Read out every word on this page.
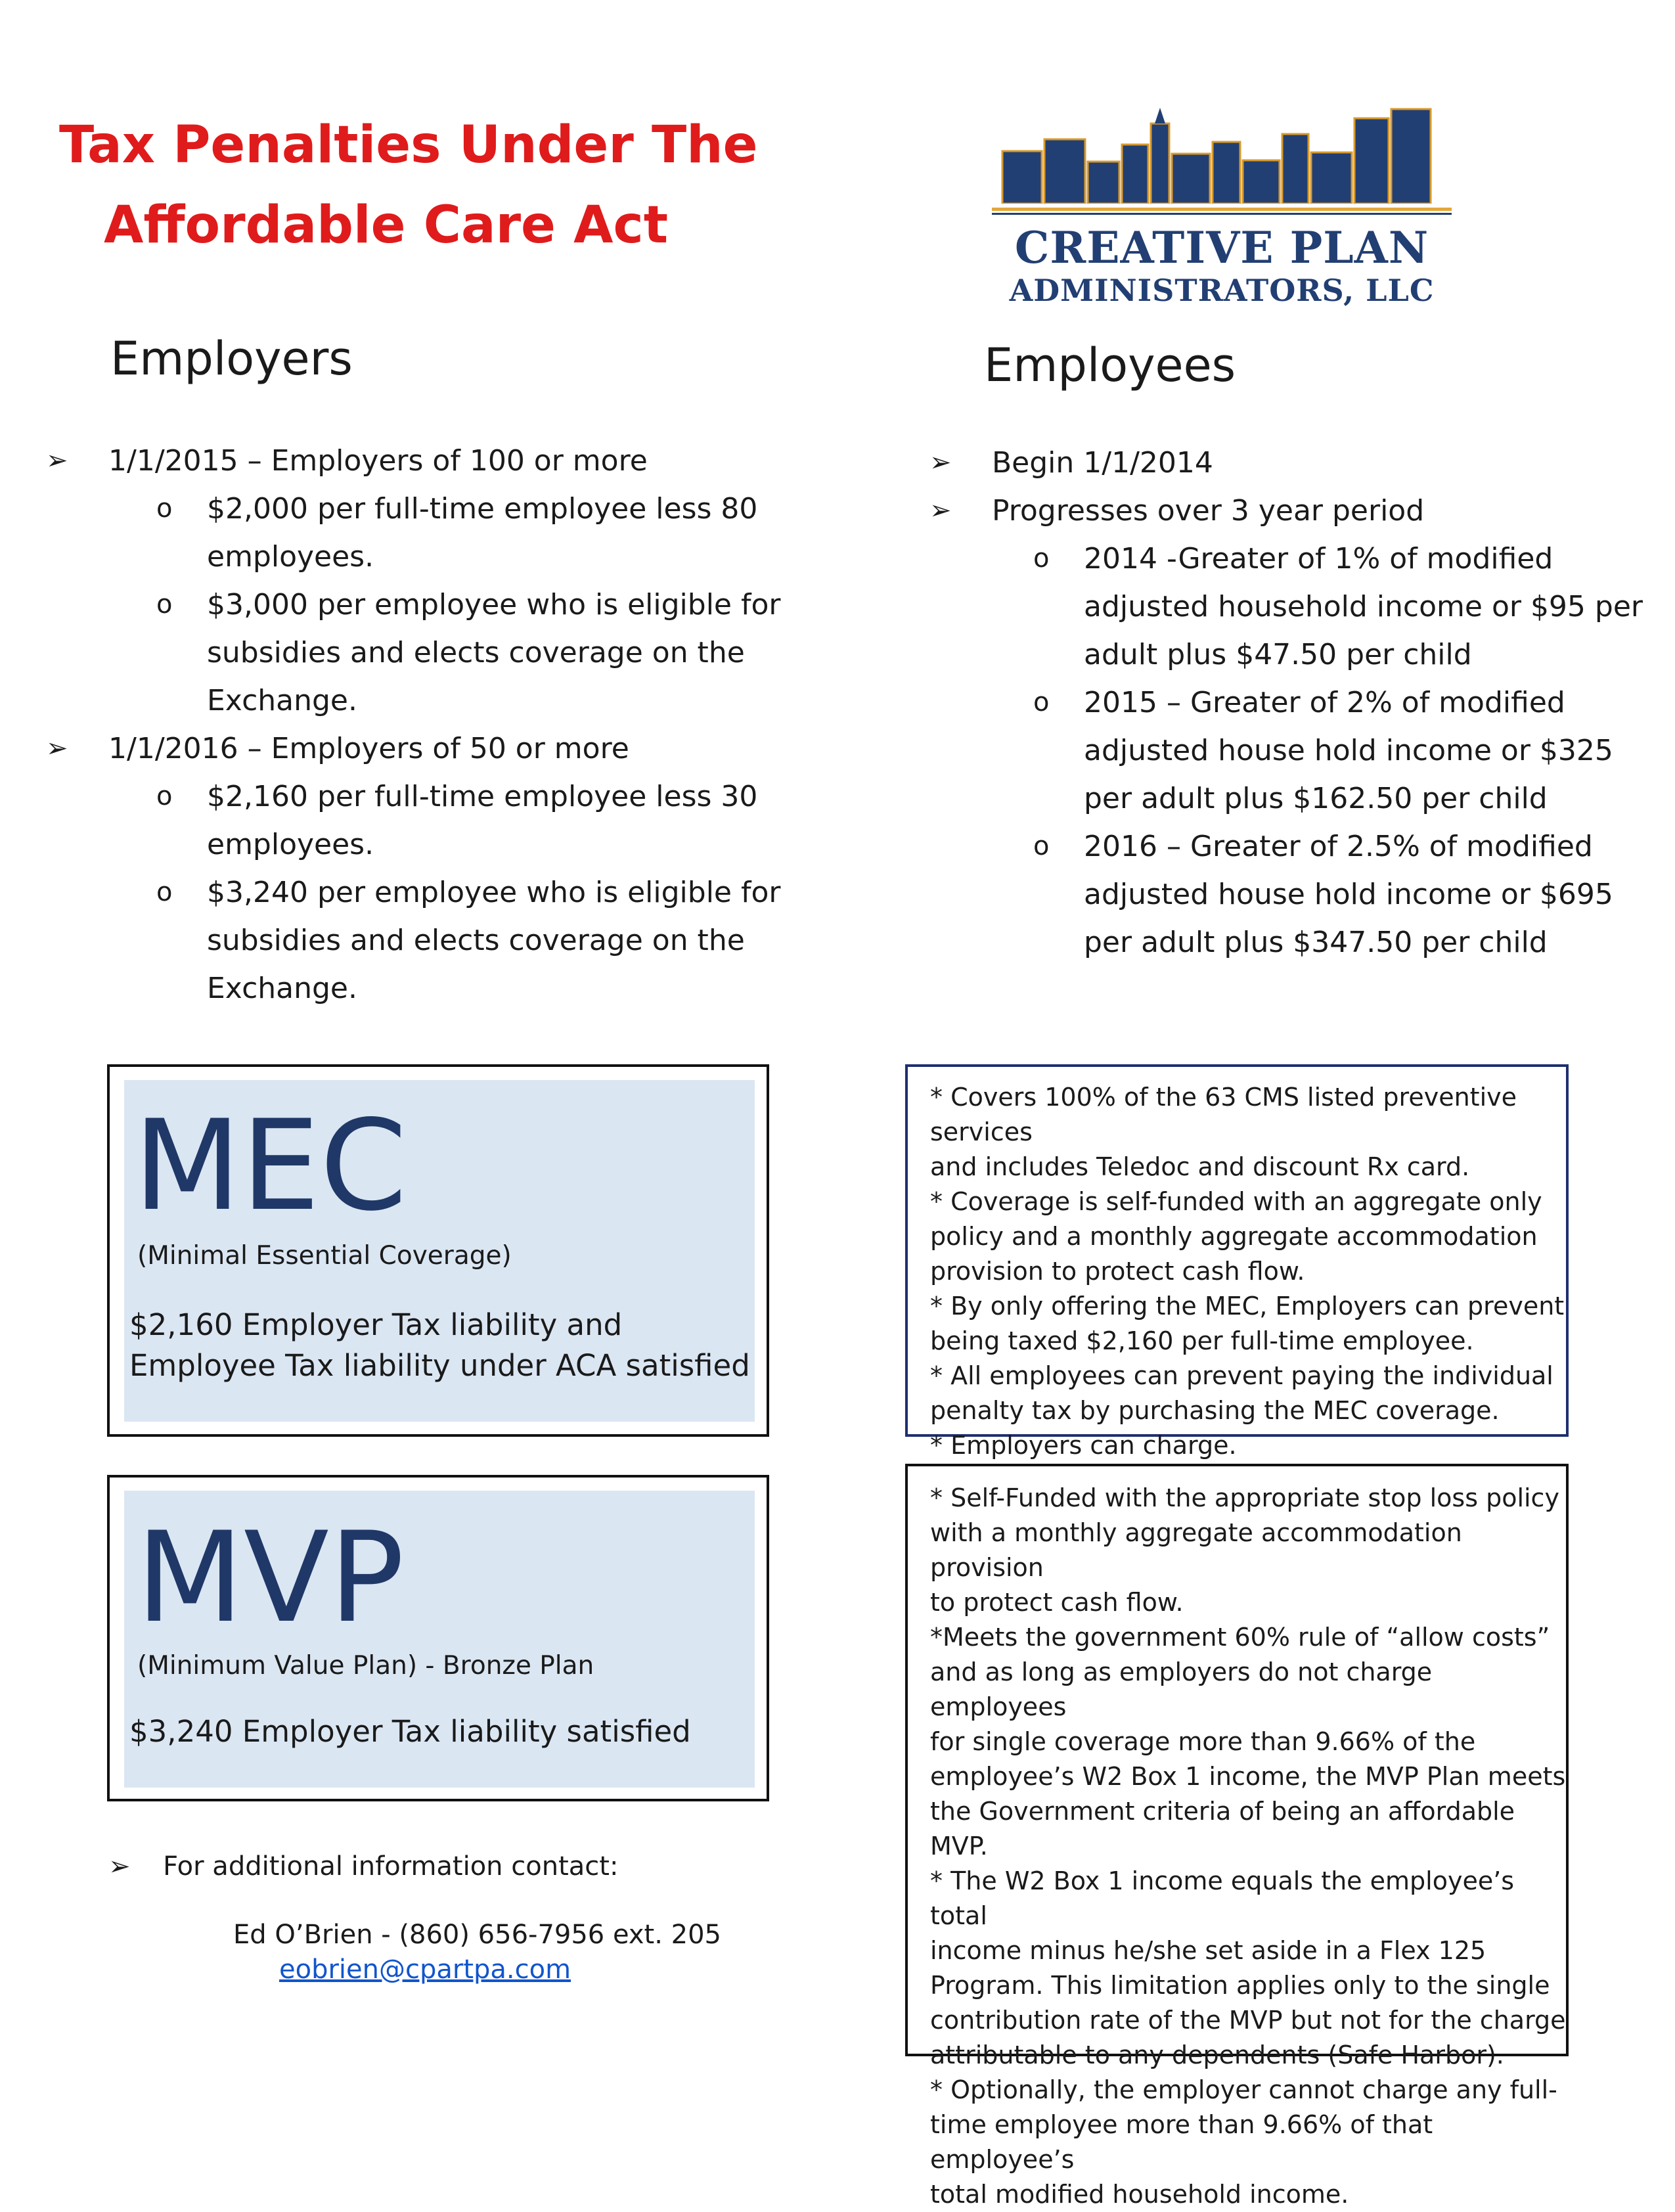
Tax Penalties Under The
Affordable Care Act	CREATIVE PLAN
ADMINISTRATORS, LLC
Employers	Employees
➢ 1/1/2015 – Employers of 100 or more
o	$2,000 per full-time employee less 80
employees.
o	$3,000 per employee who is eligible for
subsidies and elects coverage on the
Exchange.
➢ 1/1/2016 – Employers of 50 or more
o	$2,160 per full-time employee less 30
employees.
o	$3,240 per employee who is eligible for
subsidies and elects coverage on the
Exchange.
➢ Begin 1/1/2014
➢ Progresses over 3 year period
o	2014 -Greater of 1% of modified
adjusted household income or $95 per
adult plus $47.50 per child
o	2015 – Greater of 2% of modified
adjusted house hold income or $325
per adult plus $162.50 per child
o	2016 – Greater of 2.5% of modified
adjusted house hold income or $695
per adult plus $347.50 per child
MEC
(Minimal Essential Coverage)
$2,160 Employer Tax liability and
Employee Tax liability under ACA satisfied

* Covers 100% of the 63 CMS listed preventive services

and includes Teledoc and discount Rx card.

* Coverage is self-funded with an aggregate only

policy and a monthly aggregate accommodation

provision to protect cash flow.

* By only offering the MEC, Employers can prevent

being taxed $2,160 per full-time employee.

* All employees can prevent paying the individual

penalty tax by purchasing the MEC coverage.

* Employers can charge.

MVP
(Minimum Value Plan) - Bronze Plan
$3,240 Employer Tax liability satisfied

* Self-Funded with the appropriate stop loss policy

with a monthly aggregate accommodation provision

to protect cash flow.

*Meets the government 60% rule of “allow costs”

and as long as employers do not charge employees

for single coverage more than 9.66% of the

employee’s W2 Box 1 income, the MVP Plan meets

the Government criteria of being an affordable MVP.

* The W2 Box 1 income equals the employee’s total

income minus he/she set aside in a Flex 125

Program. This limitation applies only to the single

contribution rate of the MVP but not for the charge

attributable to any dependents (Safe Harbor).

* Optionally, the employer cannot charge any full-

time employee more than 9.66% of that employee’s

total modified household income.

➢ For additional information contact:
Ed O’Brien - (860) 656-7956 ext. 205
eobrien@cpartpa.com
